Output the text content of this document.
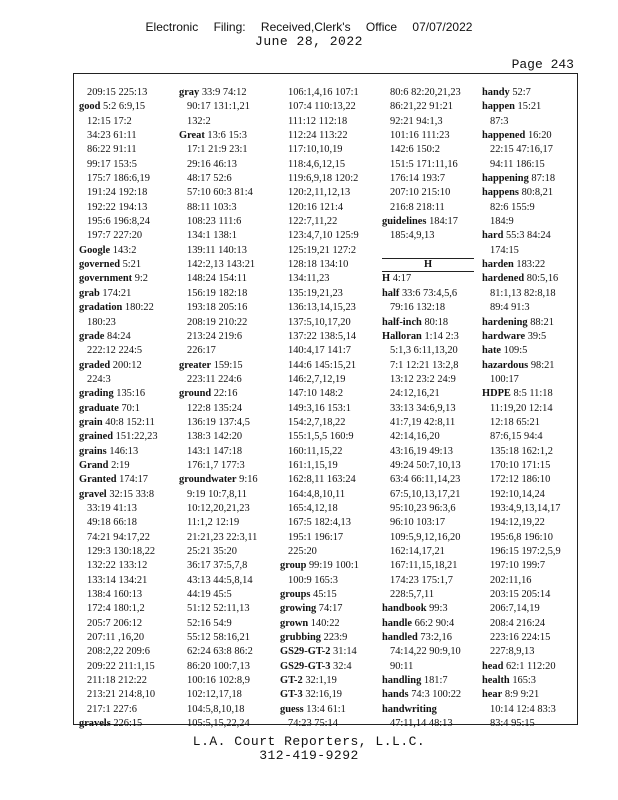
Electronic Filing: Received,Clerk's Office 07/07/2022
June 28, 2022
Page 243
209:15 225:13
good 5:2 6:9,15
12:15 17:2
34:23 61:11
86:22 91:11
99:17 153:5
175:7 186:6,19
191:24 192:18
192:22 194:13
195:6 196:8,24
197:7 227:20
Google 143:2
governed 5:21
government 9:2
grab 174:21
gradation 180:22
180:23
grade 84:24
222:12 224:5
graded 200:12
224:3
grading 135:16
graduate 70:1
grain 40:8 152:11
grained 151:22,23
grains 146:13
Grand 2:19
Granted 174:17
gravel 32:15 33:8
33:19 41:13
49:18 66:18
74:21 94:17,22
129:3 130:18,22
132:22 133:12
133:14 134:21
138:4 160:13
172:4 180:1,2
205:7 206:12
207:11 ,16,20
208:2,22 209:6
209:22 211:1,15
211:18 212:22
213:21 214:8,10
217:1 227:6
gravels 226:15
gray 33:9 74:12
90:17 131:1,21
132:2
Great 13:6 15:3
17:1 21:9 23:1
29:16 46:13
48:17 52:6
57:10 60:3 81:4
88:11 103:3
108:23 111:6
134:1 138:1
139:11 140:13
142:2,13 143:21
148:24 154:11
156:19 182:18
193:18 205:16
208:19 210:22
213:24 219:6
226:17
greater 159:15
223:11 224:6
ground 22:16
122:8 135:24
136:19 137:4,5
138:3 142:20
143:1 147:18
176:1,7 177:3
groundwater 9:16
9:19 10:7,8,11
10:12,20,21,23
11:1,2 12:19
21:21,23 22:3,11
25:21 35:20
36:17 37:5,7,8
43:13 44:5,8,14
44:19 45:5
51:12 52:11,13
52:16 54:9
55:12 58:16,21
62:24 63:8 86:2
86:20 100:7,13
100:16 102:8,9
102:12,17,18
104:5,8,10,18
105:5,15,22,24
106:1,4,16 107:1
107:4 110:13,22
111:12 112:18
112:24 113:22
117:10,10,19
118:4,6,12,15
119:6,9,18 120:2
120:2,11,12,13
120:16 121:4
122:7,11,22
123:4,7,10 125:9
125:19,21 127:2
128:18 134:10
134:11,23
135:19,21,23
136:13,14,15,23
137:5,10,17,20
137:22 138:5,14
140:4,17 141:7
144:6 145:15,21
146:2,7,12,19
147:10 148:2
149:3,16 153:1
154:2,7,18,22
155:1,5,5 160:9
160:11,15,22
161:1,15,19
162:8,11 163:24
164:4,8,10,11
165:4,12,18
167:5 182:4,13
195:1 196:17
225:20
group 99:19 100:1
100:9 165:3
groups 45:15
growing 74:17
grown 140:22
grubbing 223:9
GS29-GT-2 31:14
GS29-GT-3 32:4
GT-2 32:1,19
GT-3 32:16,19
guess 13:4 61:1
74:23 75:14
80:6 82:20,21,23
86:21,22 91:21
92:21 94:1,3
101:16 111:23
142:6 150:2
151:5 171:11,16
176:14 193:7
207:10 215:10
216:8 218:11
guidelines 184:17
185:4,9,13
H
H 4:17
half 33:6 73:4,5,6
79:16 132:18
half-inch 80:18
Halloran 1:14 2:3
5:1,3 6:11,13,20
7:1 12:21 13:2,8
13:12 23:2 24:9
24:12,16,21
33:13 34:6,9,13
41:7,19 42:8,11
42:14,16,20
43:16,19 49:13
49:24 50:7,10,13
63:4 66:11,14,23
67:5,10,13,17,21
95:10,23 96:3,6
96:10 103:17
109:5,9,12,16,20
162:14,17,21
167:11,15,18,21
174:23 175:1,7
228:5,7,11
handbook 99:3
handle 66:2 90:4
handled 73:2,16
74:14,22 90:9,10
90:11
handling 181:7
hands 74:3 100:22
handwriting
47:11,14 48:13
handy 52:7
happen 15:21
87:3
happened 16:20
22:15 47:16,17
94:11 186:15
happening 87:18
happens 80:8,21
82:6 155:9
184:9
hard 55:3 84:24
174:15
harden 183:22
hardened 80:5,16
81:1,13 82:8,18
89:4 91:3
hardening 88:21
hardware 39:5
hate 109:5
hazardous 98:21
100:17
HDPE 8:5 11:18
11:19,20 12:14
12:18 65:21
87:6,15 94:4
135:18 162:1,2
170:10 171:15
172:12 186:10
192:10,14,24
193:4,9,13,14,17
194:12,19,22
195:6,8 196:10
196:15 197:2,5,9
197:10 199:7
202:11,16
203:15 205:14
206:7,14,19
208:4 216:24
223:16 224:15
227:8,9,13
head 62:1 112:20
health 165:3
hear 8:9 9:21
10:14 12:4 83:3
83:4 95:15
L.A. Court Reporters, L.L.C.
312-419-9292
